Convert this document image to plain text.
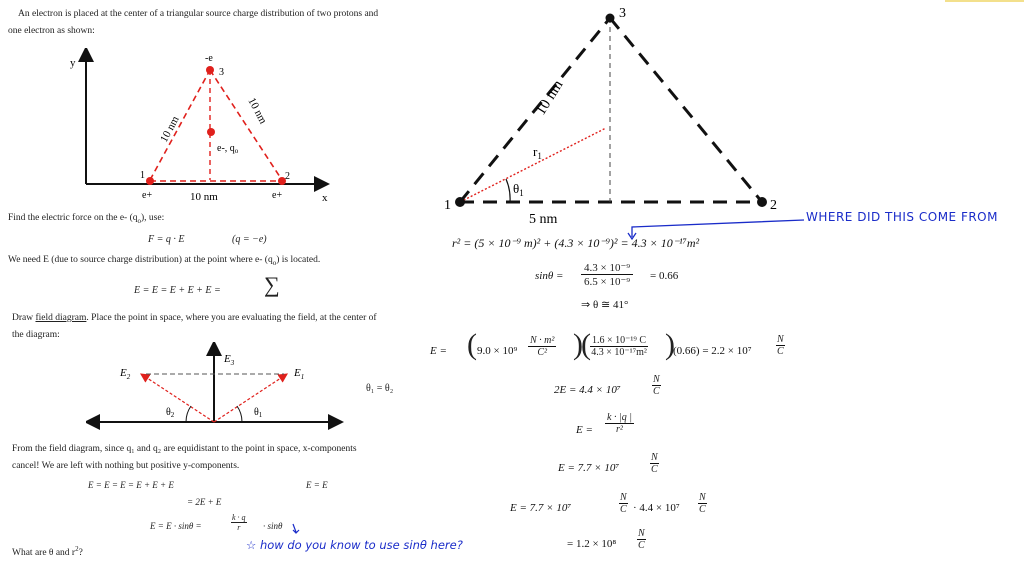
An electron is placed at the center of a triangular source charge distribution of two protons and
one electron as shown:
y
x
-e
3
1	2
10 nm
10 nm
e-, $q_o$
10 nm
e+	e+
Find the electric force on the e- $(q_o)$, use:
F = q · E	(q = −e)
We need E (due to source charge distribution) at the point where e- $(q_o)$ is located.
E = E = E + E + E = ∑
Draw field diagram. Place the point in space, where you are evaluating the field, at the center of
the diagram:
$E_3$
$E_2$	$E_1$
$\theta_2$	$\theta_1$
θ₁ = θ₂
From the field diagram, since q₁ and q₂ are equidistant to the point in space, x-components
cancel! We are left with nothing but positive y-components.
E = E = E = E + E + E	E = E
= 2E + E
E = E · sinθ =	$\frac{k \cdot q}{r} \cdot \sin\theta$
What are θ and $r^2$?
3
1	2
10 nm
$r_1$
$\theta_1$
5 nm
r² = (5 × 10⁻⁹ m)² + (4.3 × 10⁻⁹)² = 4.3 × 10⁻¹⁷m²
$\sin\theta = \frac{\text{4.3 × 10⁻⁹}}{\text{6.5 × 10⁻⁹}} = 0.66$
⇒ θ ≅ 41°
E = ( $9.0 \times 10^9 \frac{\text{N · m²}}{\text{C²}}$ )
( $\frac{\text{1.6 × 10⁻¹⁹ C}}{\text{4.3 × 10⁻¹⁷m²}}$ )
(0.66) = 2.2 × 10⁷
N
C
2E = 4.4 × 10⁷
N
C
$E = \frac{k \cdot |q |}{\text{r²}}$
E = 7.7 × 10⁷
N
C
E = 7.7 × 10⁷
N
C · 4.4 × 10⁷
N
C
= 1.2 × 10⁸
N
C
WHERE DID THIS COME FROM
☆ how do you know to use sinθ here?
